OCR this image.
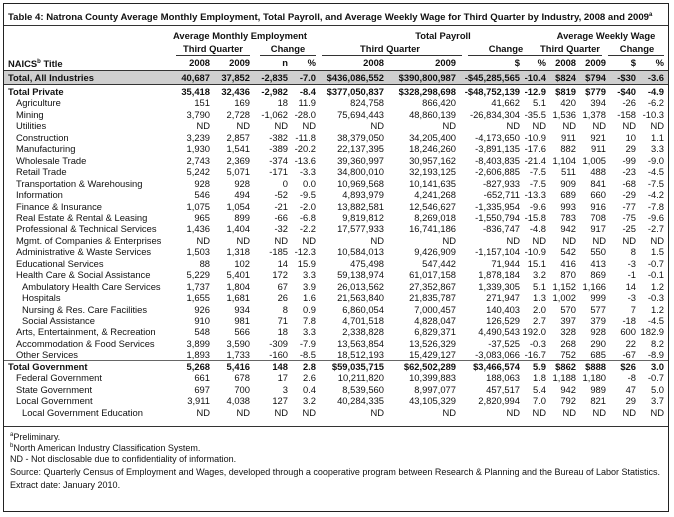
Table 4: Natrona County Average Monthly Employment, Total Payroll, and Average Weekly Wage for Third Quarter by Industry, 2008 and 2009$^a$
Average Monthly Employment	Total Payroll	Average Weekly Wage
Third Quarter	Change	Third Quarter	Change	Third Quarter	Change
NAICS$^b$ Title	2008	2009	n	%	2008	2009	$	% 2008 2009	$	%
Total, All Industries	40,687	37,852	-2,835	-7.0	$436,086,552	$390,800,987 -$45,285,565 -10.4 $824 $794	-$30	-3.6
Total Private	35,418	32,436	-2,982	-8.4	$377,050,837	$328,298,698 -$48,752,139 -12.9 $819 $779	-$40	-4.9
Agriculture	151	169	18	11.9	824,758	866,420	41,662	5.1	420	394	-26	-6.2
Mining	3,790	2,728	-1,062 -28.0	75,694,443	48,860,139	-26,834,304 -35.5 1,536 1,378	-158 -10.3
Utilities	ND	ND	ND	ND	ND	ND	ND	ND	ND	ND	ND	ND
Construction	3,239	2,857	-382 -11.8	38,379,050	34,205,400	-4,173,650 -10.9	911	921	10	1.1
Manufacturing	1,930	1,541	-389 -20.2	22,137,395	18,246,260	-3,891,135 -17.6	882	911	29	3.3
Wholesale Trade	2,743	2,369	-374 -13.6	39,360,997	30,957,162	-8,403,835 -21.4 1,104 1,005	-99	-9.0
Retail Trade	5,242	5,071	-171	-3.3	34,800,010	32,193,125	-2,606,885	-7.5	511	488	-23	-4.5
Transportation & Warehousing	928	928	0	0.0	10,969,568	10,141,635	-827,933	-7.5	909	841	-68	-7.5
Information	546	494	-52	-9.5	4,893,979	4,241,268	-652,711 -13.3	689	660	-29	-4.2
Finance & Insurance	1,075	1,054	-21	-2.0	13,882,581	12,546,627	-1,335,954	-9.6	993	916	-77	-7.8
Real Estate & Rental & Leasing	965	899	-66	-6.8	9,819,812	8,269,018	-1,550,794 -15.8	783	708	-75	-9.6
Professional & Technical Services	1,436	1,404	-32	-2.2	17,577,933	16,741,186	-836,747	-4.8	942	917	-25	-2.7
Mgmt. of Companies & Enterprises	ND	ND	ND	ND	ND	ND	ND	ND	ND	ND	ND	ND
Administrative & Waste Services	1,503	1,318	-185 -12.3	10,584,013	9,426,909	-1,157,104 -10.9	542	550	8	1.5
Educational Services	88	102	14	15.9	475,498	547,442	71,944 15.1	416	413	-3	-0.7
Health Care & Social Assistance	5,229	5,401	172	3.3	59,138,974	61,017,158	1,878,184	3.2	870	869	-1	-0.1
Ambulatory Health Care Services	1,737	1,804	67	3.9	26,013,562	27,352,867	1,339,305	5.1 1,152 1,166	14	1.2
Hospitals	1,655	1,681	26	1.6	21,563,840	21,835,787	271,947	1.3 1,002	999	-3	-0.3
Nursing & Res. Care Facilities	926	934	8	0.9	6,860,054	7,000,457	140,403	2.0	570	577	7	1.2
Social Assistance	910	981	71	7.8	4,701,518	4,828,047	126,529	2.7	397	379	-18	-4.5
Arts, Entertainment, & Recreation	548	566	18	3.3	2,338,828	6,829,371	4,490,543 192.0	328	928	600 182.9
Accommodation & Food Services	3,899	3,590	-309	-7.9	13,563,854	13,526,329	-37,525	-0.3	268	290	22	8.2
Other Services	1,893	1,733	-160	-8.5	18,512,193	15,429,127	-3,083,066 -16.7	752	685	-67	-8.9
Total Government	5,268	5,416	148	2.8	$59,035,715	$62,502,289	$3,466,574	5.9 $862 $888	$26	3.0
Federal Government	661	678	17	2.6	10,211,820	10,399,883	188,063	1.8 1,188 1,180	-8	-0.7
State Government	697	700	3	0.4	8,539,560	8,997,077	457,517	5.4	942	989	47	5.0
Local Government	3,911	4,038	127	3.2	40,284,335	43,105,329	2,820,994	7.0	792	821	29	3.7
Local Government Education	ND	ND	ND	ND	ND	ND	ND	ND	ND	ND	ND	ND
$^a$Preliminary.
$^b$North American Industry Classification System.
ND - Not disclosable due to confidentiality of information.
Source: Quarterly Census of Employment and Wages, developed through a cooperative program between Research & Planning and the Bureau of Labor Statistics.
Extract date: January 2010.
